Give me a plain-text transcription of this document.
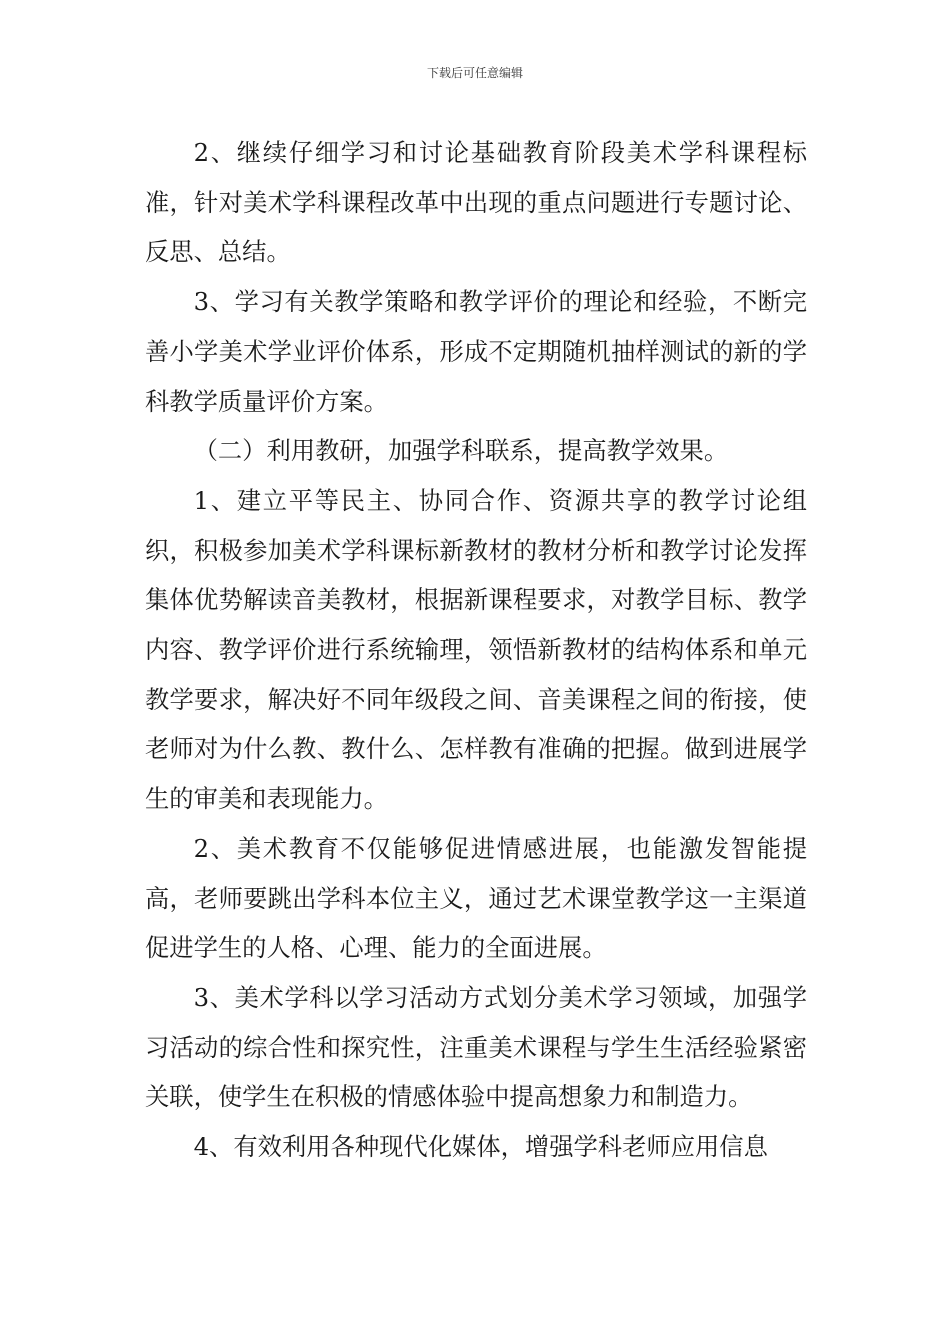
下载后可任意编辑

2、继续仔细学习和讨论基础教育阶段美术学科课程标准，针对美术学科课程改革中出现的重点问题进行专题讨论、反思、总结。

3、学习有关教学策略和教学评价的理论和经验，不断完善小学美术学业评价体系，形成不定期随机抽样测试的新的学科教学质量评价方案。

（二）利用教研，加强学科联系，提高教学效果。

1、建立平等民主、协同合作、资源共享的教学讨论组织，积极参加美术学科课标新教材的教材分析和教学讨论发挥集体优势解读音美教材，根据新课程要求，对教学目标、教学内容、教学评价进行系统输理，领悟新教材的结构体系和单元教学要求，解决好不同年级段之间、音美课程之间的衔接，使老师对为什么教、教什么、怎样教有准确的把握。做到进展学生的审美和表现能力。

2、美术教育不仅能够促进情感进展，也能激发智能提高，老师要跳出学科本位主义，通过艺术课堂教学这一主渠道促进学生的人格、心理、能力的全面进展。

3、美术学科以学习活动方式划分美术学习领域，加强学习活动的综合性和探究性，注重美术课程与学生生活经验紧密关联，使学生在积极的情感体验中提高想象力和制造力。

4、有效利用各种现代化媒体，增强学科老师应用信息
